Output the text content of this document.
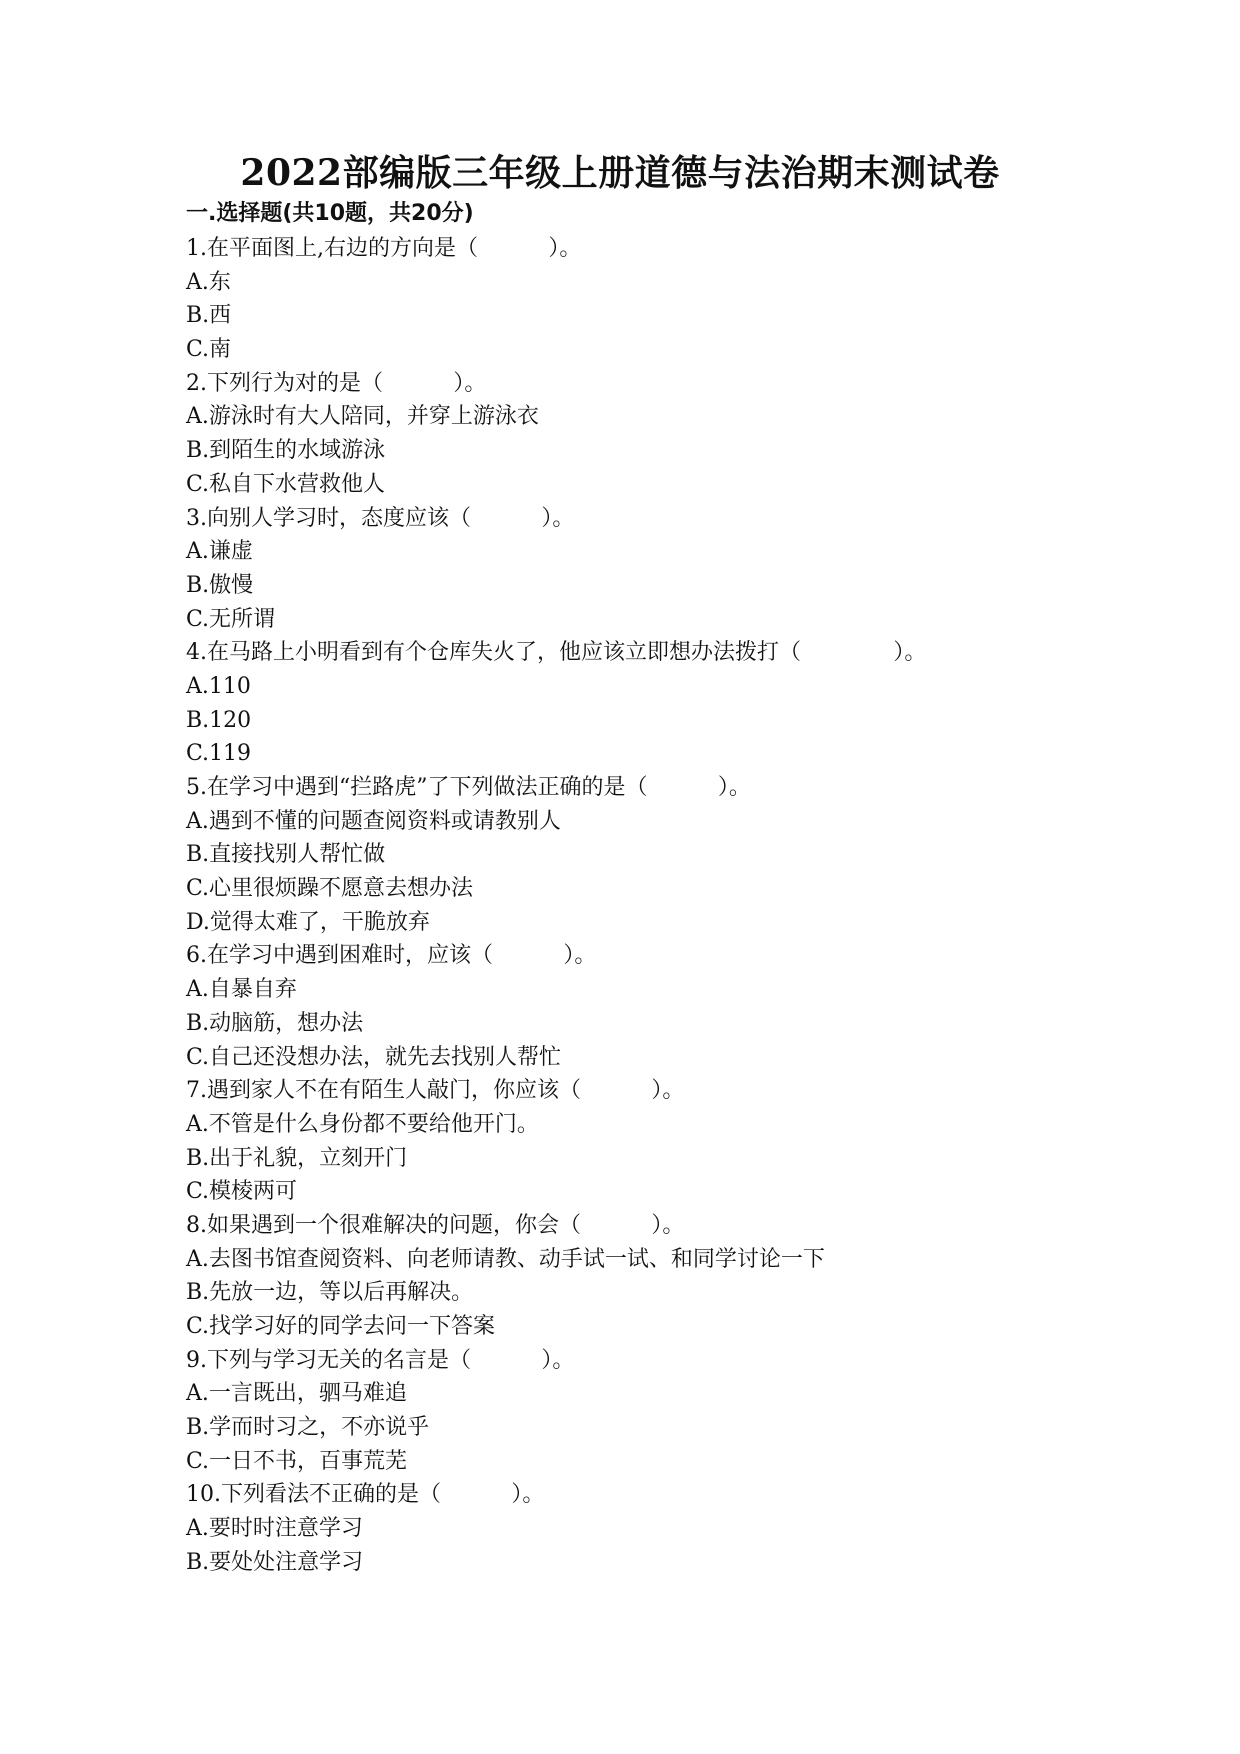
2022部编版三年级上册道德与法治期末测试卷
一.选择题(共10题，共20分)
1.在平面图上,右边的方向是（	）。
A.东
B.西
C.南
2.下列行为对的是（	）。
A.游泳时有大人陪同，并穿上游泳衣
B.到陌生的水域游泳
C.私自下水营救他人
3.向别人学习时，态度应该（	）。
A.谦虚
B.傲慢
C.无所谓
4.在马路上小明看到有个仓库失火了，他应该立即想办法拨打（	）。
A.110
B.120
C.119
5.在学习中遇到“拦路虎”了下列做法正确的是（	）。
A.遇到不懂的问题查阅资料或请教别人
B.直接找别人帮忙做
C.心里很烦躁不愿意去想办法
D.觉得太难了，干脆放弃
6.在学习中遇到困难时，应该（	）。
A.自暴自弃
B.动脑筋，想办法
C.自己还没想办法，就先去找别人帮忙
7.遇到家人不在有陌生人敲门，你应该（	）。
A.不管是什么身份都不要给他开门。
B.出于礼貌，立刻开门
C.模棱两可
8.如果遇到一个很难解决的问题，你会（	）。
A.去图书馆查阅资料、向老师请教、动手试一试、和同学讨论一下
B.先放一边，等以后再解决。
C.找学习好的同学去问一下答案
9.下列与学习无关的名言是（	）。
A.一言既出，驷马难追
B.学而时习之，不亦说乎
C.一日不书，百事荒芜
10.下列看法不正确的是（	）。
A.要时时注意学习
B.要处处注意学习
